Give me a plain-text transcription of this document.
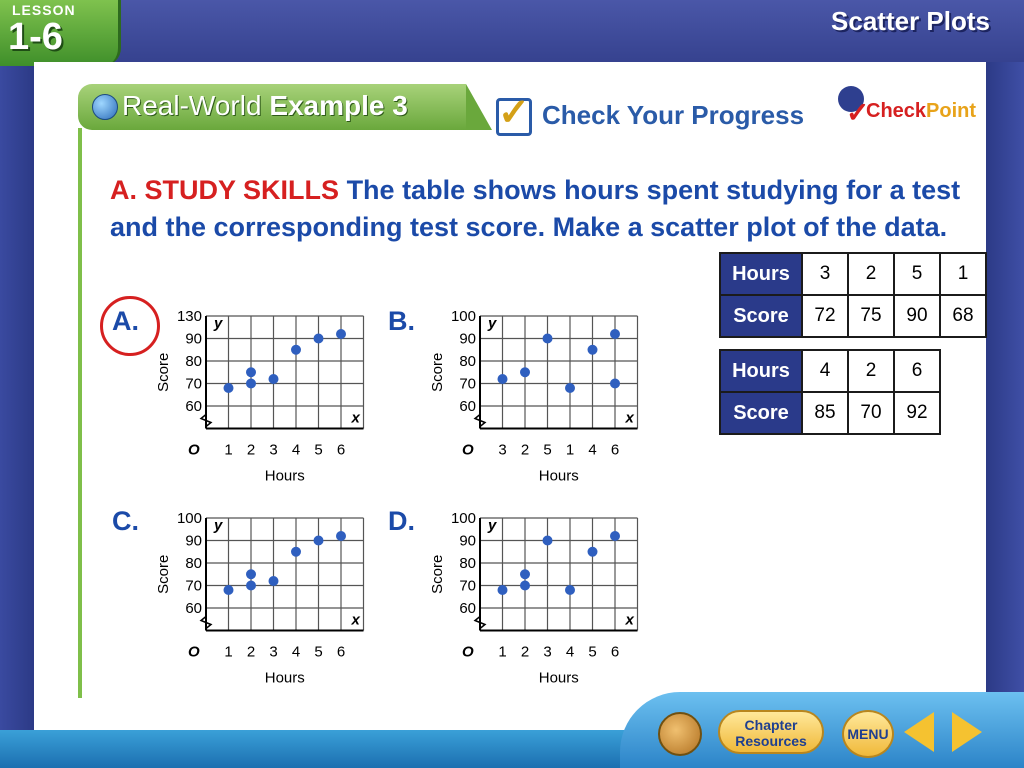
LESSON
1-6	Scatter Plots
Real-World Example 3 ✓ Check Your Progress ✓
CheckPoint
A. STUDY SKILLS The table shows hours spent studying for a test and the corresponding test score. Make a scatter plot of the data.
Hours	3	2	5	1
Score	72	75	90	68
Hours	4	2	6
Score	85	70	92
A.	B.
C.	D.
y
x
O 1 2 3 4 5 6
60
70
80
90
130
Hours
Score
y
x
O 3 2 5 1 4 6
60
70
80
90
100
Hours
Score
y
x
O 1 2 3 4 5 6
60
70
80
90
100
Hours
Score
y
x
O 1 2 3 4 5 6
60
70
80
90
100
Hours
Score
Chapter
Resources	MENU
